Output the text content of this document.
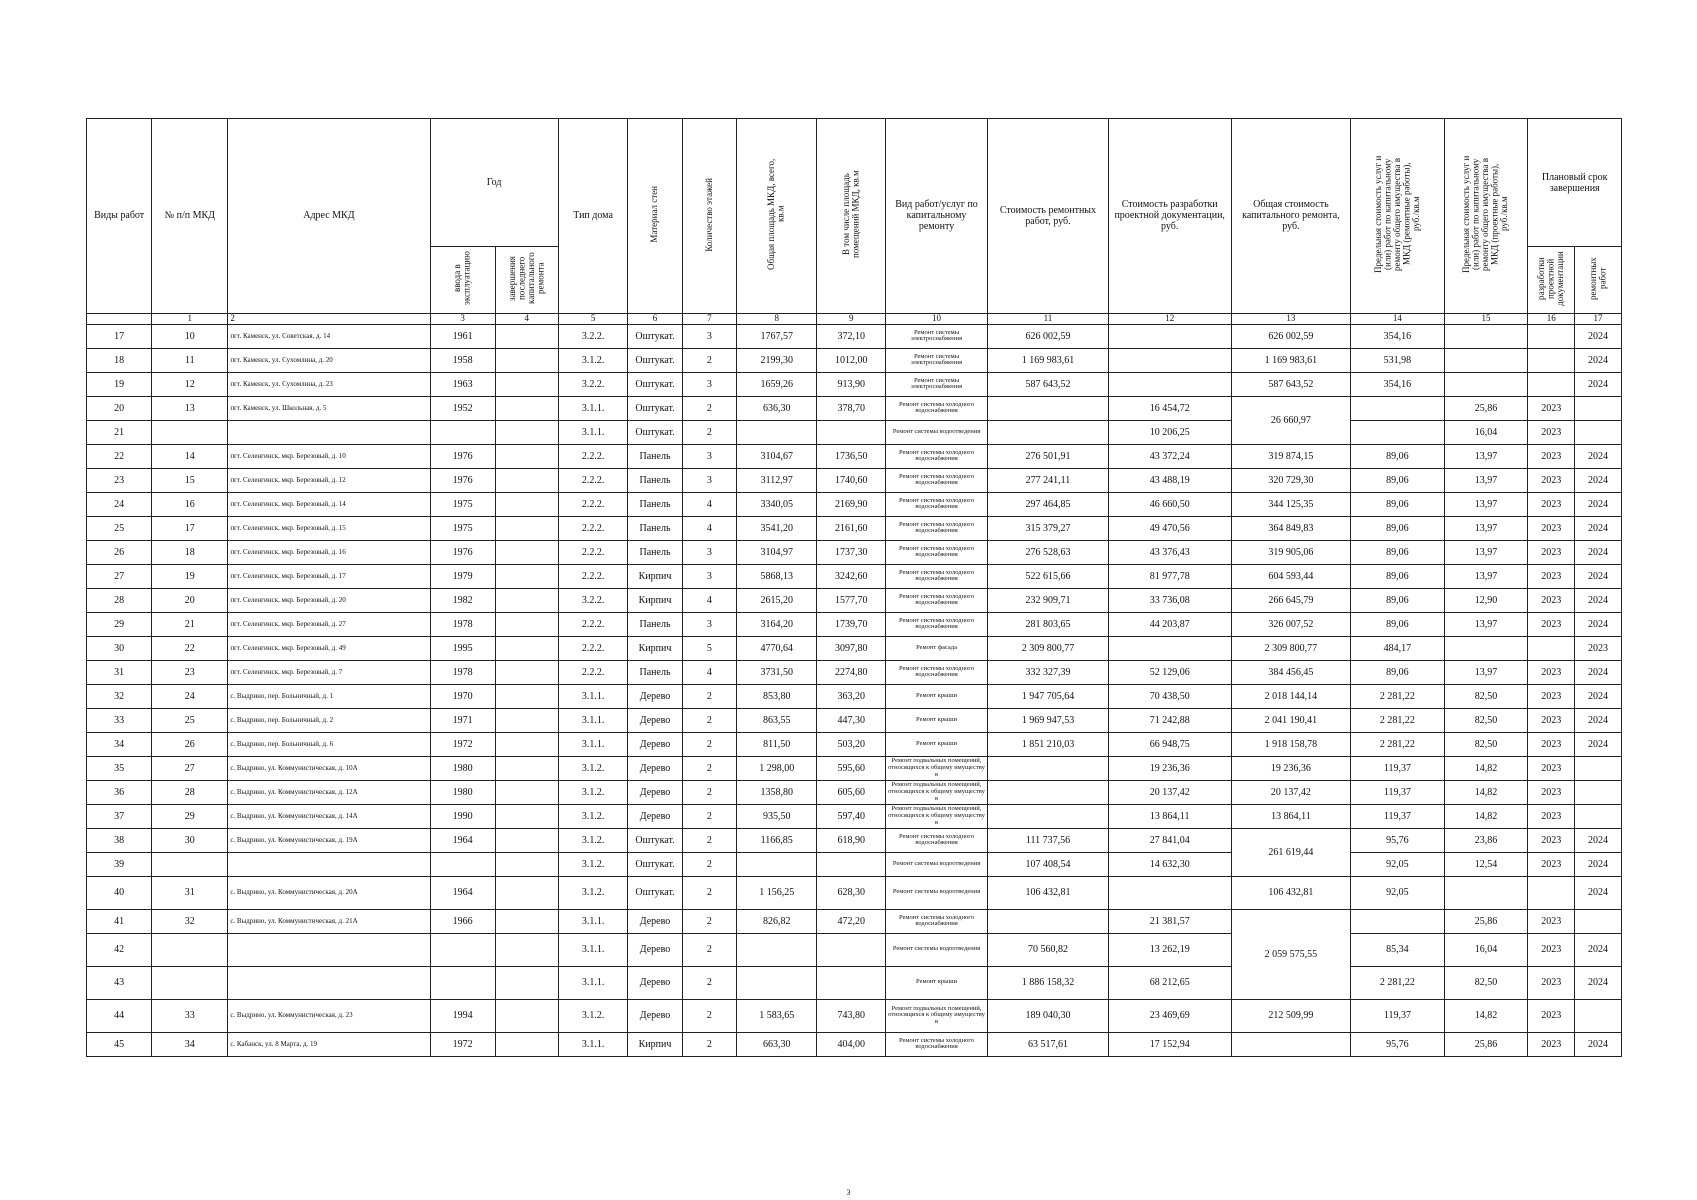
Виды работ	№ п/п МКД	Адрес МКД	Год		Тип дома	Материал стен	Количество этажей	Общая площадь МКД, всего, кв.м	В том числе площадь помещений МКД, кв.м	Вид работ/услуг по капитальному ремонту	Стоимость ремонтных работ, руб.	Стоимость разработки проектной документации, руб.	Общая стоимость капитального ремонта, руб.	Предельная стоимость услуг и (или) работ по капитальному ремонту общего имущества в МКД (ремонтные работы), руб./кв.м	Предельная стоимость услуг и (или) работ по капитальному ремонту общего имущества в МКД (проектные работы), руб./кв.м	Плановый срок завершения	
			ввода в эксплуатацию	завершения последнего капитального ремонта												разработки проектной документации	ремонтных работ
	1	2	3	4	5	6	7	8	9	10	11	12	13	14	15	16	17
17	10	пгт. Каменск, ул. Советская, д. 14	1961		3.2.2.	Оштукат.	3	1767,57	372,10	Ремонт системы электроснабжения	626 002,59		626 002,59	354,16			2024
18	11	пгт. Каменск, ул. Сухомлина, д. 20	1958		3.1.2.	Оштукат.	2	2199,30	1012,00	Ремонт системы электроснабжения	1 169 983,61		1 169 983,61	531,98			2024
19	12	пгт. Каменск, ул. Сухомлина, д. 23	1963		3.2.2.	Оштукат.	3	1659,26	913,90	Ремонт системы электроснабжения	587 643,52		587 643,52	354,16			2024
20	13	пгт. Каменск, ул. Школьная, д. 5	1952		3.1.1.	Оштукат.	2	636,30	378,70	Ремонт системы холодного водоснабжения		16 454,72	26 660,97		25,86	2023	
21					3.1.1.	Оштукат.	2			Ремонт системы водоотведения		10 206,25			16,04	2023	
22	14	пгт. Селенгинск, мкр. Березовый, д. 10	1976		2.2.2.	Панель	3	3104,67	1736,50	Ремонт системы холодного водоснабжения	276 501,91	43 372,24	319 874,15	89,06	13,97	2023	2024
23	15	пгт. Селенгинск, мкр. Березовый, д. 12	1976		2.2.2.	Панель	3	3112,97	1740,60	Ремонт системы холодного водоснабжения	277 241,11	43 488,19	320 729,30	89,06	13,97	2023	2024
24	16	пгт. Селенгинск, мкр. Березовый, д. 14	1975		2.2.2.	Панель	4	3340,05	2169,90	Ремонт системы холодного водоснабжения	297 464,85	46 660,50	344 125,35	89,06	13,97	2023	2024
25	17	пгт. Селенгинск, мкр. Березовый, д. 15	1975		2.2.2.	Панель	4	3541,20	2161,60	Ремонт системы холодного водоснабжения	315 379,27	49 470,56	364 849,83	89,06	13,97	2023	2024
26	18	пгт. Селенгинск, мкр. Березовый, д. 16	1976		2.2.2.	Панель	3	3104,97	1737,30	Ремонт системы холодного водоснабжения	276 528,63	43 376,43	319 905,06	89,06	13,97	2023	2024
27	19	пгт. Селенгинск, мкр. Березовый, д. 17	1979		2.2.2.	Кирпич	3	5868,13	3242,60	Ремонт системы холодного водоснабжения	522 615,66	81 977,78	604 593,44	89,06	13,97	2023	2024
28	20	пгт. Селенгинск, мкр. Березовый, д. 20	1982		3.2.2.	Кирпич	4	2615,20	1577,70	Ремонт системы холодного водоснабжения	232 909,71	33 736,08	266 645,79	89,06	12,90	2023	2024
29	21	пгт. Селенгинск, мкр. Березовый, д. 27	1978		2.2.2.	Панель	3	3164,20	1739,70	Ремонт системы холодного водоснабжения	281 803,65	44 203,87	326 007,52	89,06	13,97	2023	2024
30	22	пгт. Селенгинск, мкр. Березовый, д. 49	1995		2.2.2.	Кирпич	5	4770,64	3097,80	Ремонт фасада	2 309 800,77		2 309 800,77	484,17			2023
31	23	пгт. Селенгинск, мкр. Березовый, д. 7	1978		2.2.2.	Панель	4	3731,50	2274,80	Ремонт системы холодного водоснабжения	332 327,39	52 129,06	384 456,45	89,06	13,97	2023	2024
32	24	с. Выдрино, пер. Больничный, д. 1	1970		3.1.1.	Дерево	2	853,80	363,20	Ремонт крыши	1 947 705,64	70 438,50	2 018 144,14	2 281,22	82,50	2023	2024
33	25	с. Выдрино, пер. Больничный, д. 2	1971		3.1.1.	Дерево	2	863,55	447,30	Ремонт крыши	1 969 947,53	71 242,88	2 041 190,41	2 281,22	82,50	2023	2024
34	26	с. Выдрино, пер. Больничный, д. 6	1972		3.1.1.	Дерево	2	811,50	503,20	Ремонт крыши	1 851 210,03	66 948,75	1 918 158,78	2 281,22	82,50	2023	2024
35	27	с. Выдрино, ул. Коммунистическая, д. 10А	1980		3.1.2.	Дерево	2	1 298,00	595,60	Ремонт подвальных помещений, относящихся к общему имуществу в		19 236,36	19 236,36	119,37	14,82	2023	
36	28	с. Выдрино, ул. Коммунистическая, д. 12А	1980		3.1.2.	Дерево	2	1358,80	605,60	Ремонт подвальных помещений, относящихся к общему имуществу в		20 137,42	20 137,42	119,37	14,82	2023	
37	29	с. Выдрино, ул. Коммунистическая, д. 14А	1990		3.1.2.	Дерево	2	935,50	597,40	Ремонт подвальных помещений, относящихся к общему имуществу в		13 864,11	13 864,11	119,37	14,82	2023	
38	30	с. Выдрино, ул. Коммунистическая, д. 19А	1964		3.1.2.	Оштукат.	2	1166,85	618,90	Ремонт системы холодного водоснабжения	111 737,56	27 841,04	261 619,44	95,76	23,86	2023	2024
39					3.1.2.	Оштукат.	2			Ремонт системы водоотведения	107 408,54	14 632,30		92,05	12,54	2023	2024
40	31	с. Выдрино, ул. Коммунистическая, д. 20А	1964		3.1.2.	Оштукат.	2	1 156,25	628,30	Ремонт системы водоотведения	106 432,81		106 432,81	92,05			2024
41	32	с. Выдрино, ул. Коммунистическая, д. 21А	1966		3.1.1.	Дерево	2	826,82	472,20	Ремонт системы холодного водоснабжения		21 381,57	2 059 575,55		25,86	2023	
42					3.1.1.	Дерево	2			Ремонт системы водоотведения	70 560,82	13 262,19		85,34	16,04	2023	2024
43					3.1.1.	Дерево	2			Ремонт крыши	1 886 158,32	68 212,65		2 281,22	82,50	2023	2024
44	33	с. Выдрино, ул. Коммунистическая, д. 23	1994		3.1.2.	Дерево	2	1 583,65	743,80	Ремонт подвальных помещений, относящихся к общему имуществу в	189 040,30	23 469,69	212 509,99	119,37	14,82	2023	
45	34	с. Кабанск, ул. 8 Марта, д. 19	1972		3.1.1.	Кирпич	2	663,30	404,00	Ремонт системы холодного водоснабжения	63 517,61	17 152,94		95,76	25,86	2023	2024
3
